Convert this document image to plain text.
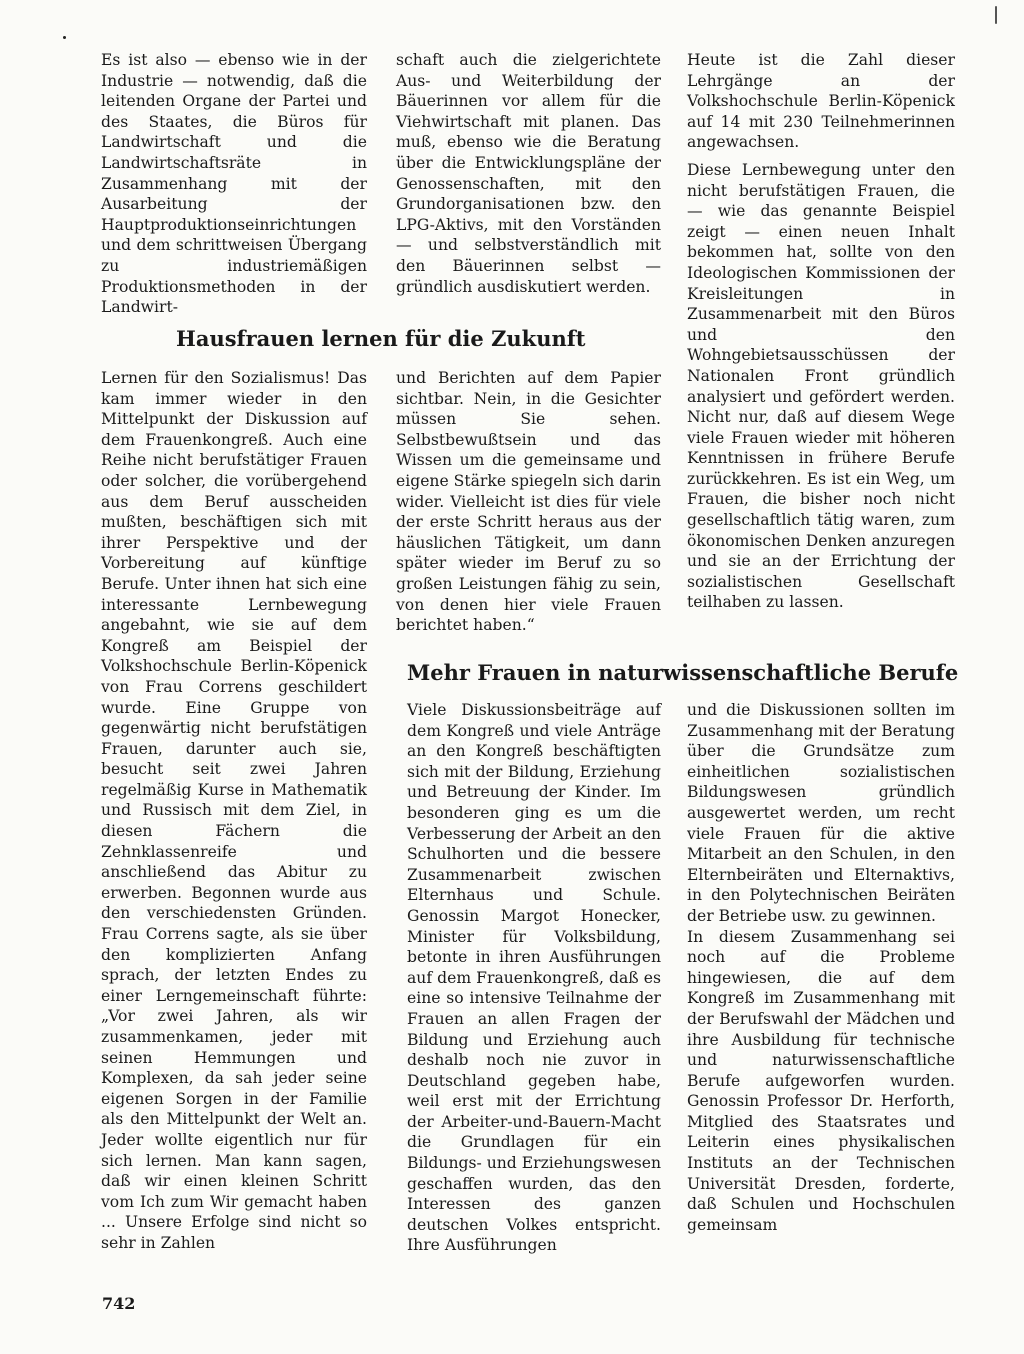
Es ist also — ebenso wie in der Industrie — notwendig, daß die leitenden Organe der Partei und des Staates, die Büros für Landwirtschaft und die Landwirtschaftsräte in Zusammenhang mit der Ausarbeitung der Hauptproduktionseinrichtungen und dem schrittweisen Übergang zu industriemäßigen Produktionsmethoden in der Landwirt-

schaft auch die zielgerichtete Aus- und Weiterbildung der Bäuerinnen vor allem für die Viehwirtschaft mit planen. Das muß, ebenso wie die Beratung über die Entwicklungspläne der Genossenschaften, mit den Grundorganisationen bzw. den LPG-Aktivs, mit den Vorständen — und selbstverständlich mit den Bäuerinnen selbst — gründlich ausdiskutiert werden.

Heute ist die Zahl dieser Lehrgänge an der Volkshochschule Berlin-Köpenick auf 14 mit 230 Teilnehmerinnen angewachsen.

Diese Lernbewegung unter den nicht berufstätigen Frauen, die — wie das genannte Beispiel zeigt — einen neuen Inhalt bekommen hat, sollte von den Ideologischen Kommissionen der Kreisleitungen in Zusammenarbeit mit den Büros und den Wohngebietsausschüssen der Nationalen Front gründlich analysiert und gefördert werden. Nicht nur, daß auf diesem Wege viele Frauen wieder mit höheren Kenntnissen in frühere Berufe zurückkehren. Es ist ein Weg, um Frauen, die bisher noch nicht gesellschaftlich tätig waren, zum ökonomischen Denken anzuregen und sie an der Errichtung der sozialistischen Gesellschaft teilhaben zu lassen.

Hausfrauen lernen für die Zukunft

Lernen für den Sozialismus! Das kam immer wieder in den Mittelpunkt der Diskussion auf dem Frauenkongreß. Auch eine Reihe nicht berufstätiger Frauen oder solcher, die vorübergehend aus dem Beruf ausscheiden mußten, beschäftigen sich mit ihrer Perspektive und der Vorbereitung auf künftige Berufe. Unter ihnen hat sich eine interessante Lernbewegung angebahnt, wie sie auf dem Kongreß am Beispiel der Volkshochschule Berlin-Köpenick von Frau Correns geschildert wurde. Eine Gruppe von gegenwärtig nicht berufstätigen Frauen, darunter auch sie, besucht seit zwei Jahren regelmäßig Kurse in Mathematik und Russisch mit dem Ziel, in diesen Fächern die Zehnklassenreife und anschließend das Abitur zu erwerben. Begonnen wurde aus den verschiedensten Gründen. Frau Correns sagte, als sie über den komplizierten Anfang sprach, der letzten Endes zu einer Lerngemeinschaft führte: „Vor zwei Jahren, als wir zusammenkamen, jeder mit seinen Hemmungen und Komplexen, da sah jeder seine eigenen Sorgen in der Familie als den Mittelpunkt der Welt an. Jeder wollte eigentlich nur für sich lernen. Man kann sagen, daß wir einen kleinen Schritt vom Ich zum Wir gemacht haben ... Unsere Erfolge sind nicht so sehr in Zahlen

und Berichten auf dem Papier sichtbar. Nein, in die Gesichter müssen Sie sehen. Selbstbewußtsein und das Wissen um die gemeinsame und eigene Stärke spiegeln sich darin wider. Vielleicht ist dies für viele der erste Schritt heraus aus der häuslichen Tätigkeit, um dann später wieder im Beruf zu so großen Leistungen fähig zu sein, von denen hier viele Frauen berichtet haben.“

Mehr Frauen in naturwissenschaftliche Berufe

Viele Diskussionsbeiträge auf dem Kongreß und viele Anträge an den Kongreß beschäftigten sich mit der Bildung, Erziehung und Betreuung der Kinder. Im besonderen ging es um die Verbesserung der Arbeit an den Schulhorten und die bessere Zusammenarbeit zwischen Elternhaus und Schule. Genossin Margot Honecker, Minister für Volksbildung, betonte in ihren Ausführungen auf dem Frauenkongreß, daß es eine so intensive Teilnahme der Frauen an allen Fragen der Bildung und Erziehung auch deshalb noch nie zuvor in Deutschland gegeben habe, weil erst mit der Errichtung der Arbeiter-und-Bauern-Macht die Grundlagen für ein Bildungs- und Erziehungswesen geschaffen wurden, das den Interessen des ganzen deutschen Volkes entspricht. Ihre Ausführungen

und die Diskussionen sollten im Zusammenhang mit der Beratung über die Grundsätze zum einheitlichen sozialistischen Bildungswesen gründlich ausgewertet werden, um recht viele Frauen für die aktive Mitarbeit an den Schulen, in den Elternbeiräten und Elternaktivs, in den Polytechnischen Beiräten der Betriebe usw. zu gewinnen.

In diesem Zusammenhang sei noch auf die Probleme hingewiesen, die auf dem Kongreß im Zusammenhang mit der Berufswahl der Mädchen und ihre Ausbildung für technische und naturwissenschaftliche Berufe aufgeworfen wurden. Genossin Professor Dr. Herforth, Mitglied des Staatsrates und Leiterin eines physikalischen Instituts an der Technischen Universität Dresden, forderte, daß Schulen und Hochschulen gemeinsam

742
